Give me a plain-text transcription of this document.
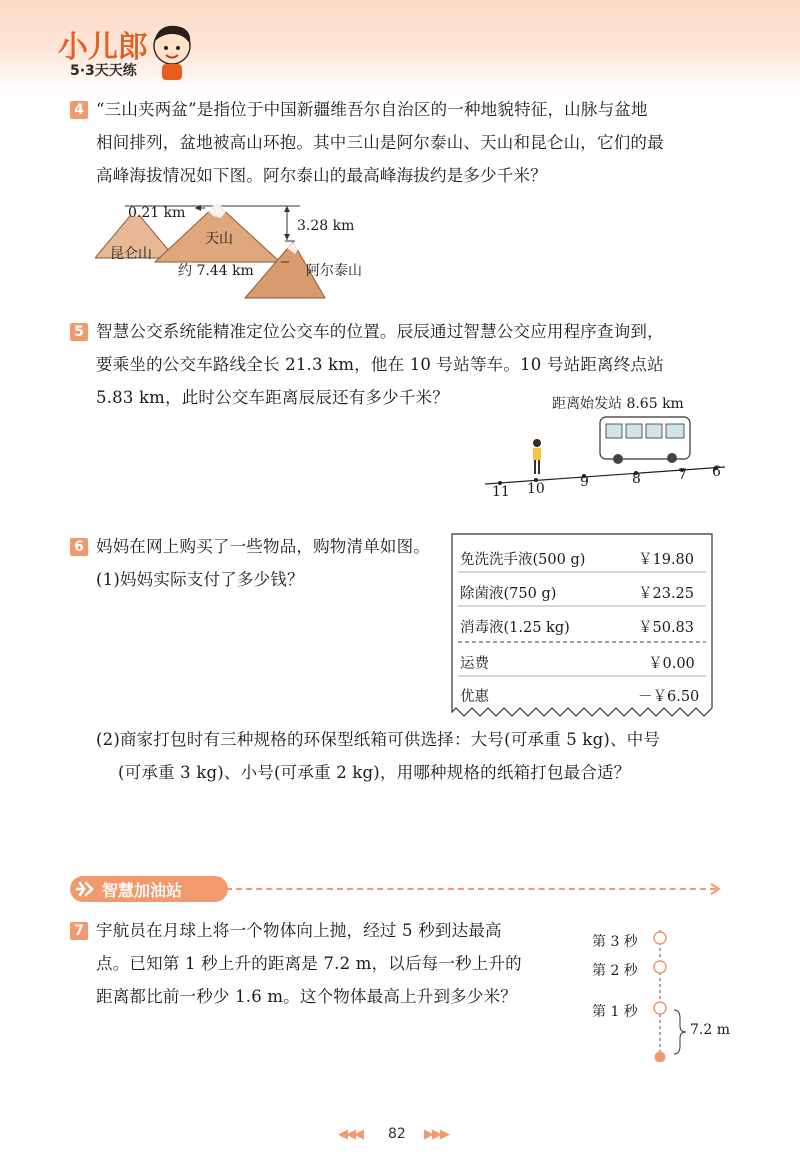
小儿郎
5·3天天练
4 “三山夹两盆”是指位于中国新疆维吾尔自治区的一种地貌特征，山脉与盆地
相间排列，盆地被高山环抱。其中三山是阿尔泰山、天山和昆仑山，它们的最
高峰海拔情况如下图。阿尔泰山的最高峰海拔约是多少千米？
0.21 km
3.28 km
昆仑山
天山
约 7.44 km	阿尔泰山
5 智慧公交系统能精准定位公交车的位置。辰辰通过智慧公交应用程序查询到，
要乘坐的公交车路线全长 21.3 km，他在 10 号站等车。10 号站距离终点站
5.83 km，此时公交车距离辰辰还有多少千米？	距离始发站 8.65 km
11 10	9	8	7 6
6 妈妈在网上购买了一些物品，购物清单如图。
(1)妈妈实际支付了多少钱？
免洗洗手液(500 g)	￥19.80
除菌液(750 g)	￥23.25
消毒液(1.25 kg)	￥50.83
运费	￥0.00
优惠	－￥6.50
(2)商家打包时有三种规格的环保型纸箱可供选择：大号(可承重 5 kg)、中号
(可承重 3 kg)、小号(可承重 2 kg)，用哪种规格的纸箱打包最合适？
智慧加油站
7 宇航员在月球上将一个物体向上抛，经过 5 秒到达最高
点。已知第 1 秒上升的距离是 7.2 m，以后每一秒上升的
距离都比前一秒少 1.6 m。这个物体最高上升到多少米？
第 3 秒
第 2 秒
第 1 秒
7.2 m
◀◀◀ 82 ▶▶▶
